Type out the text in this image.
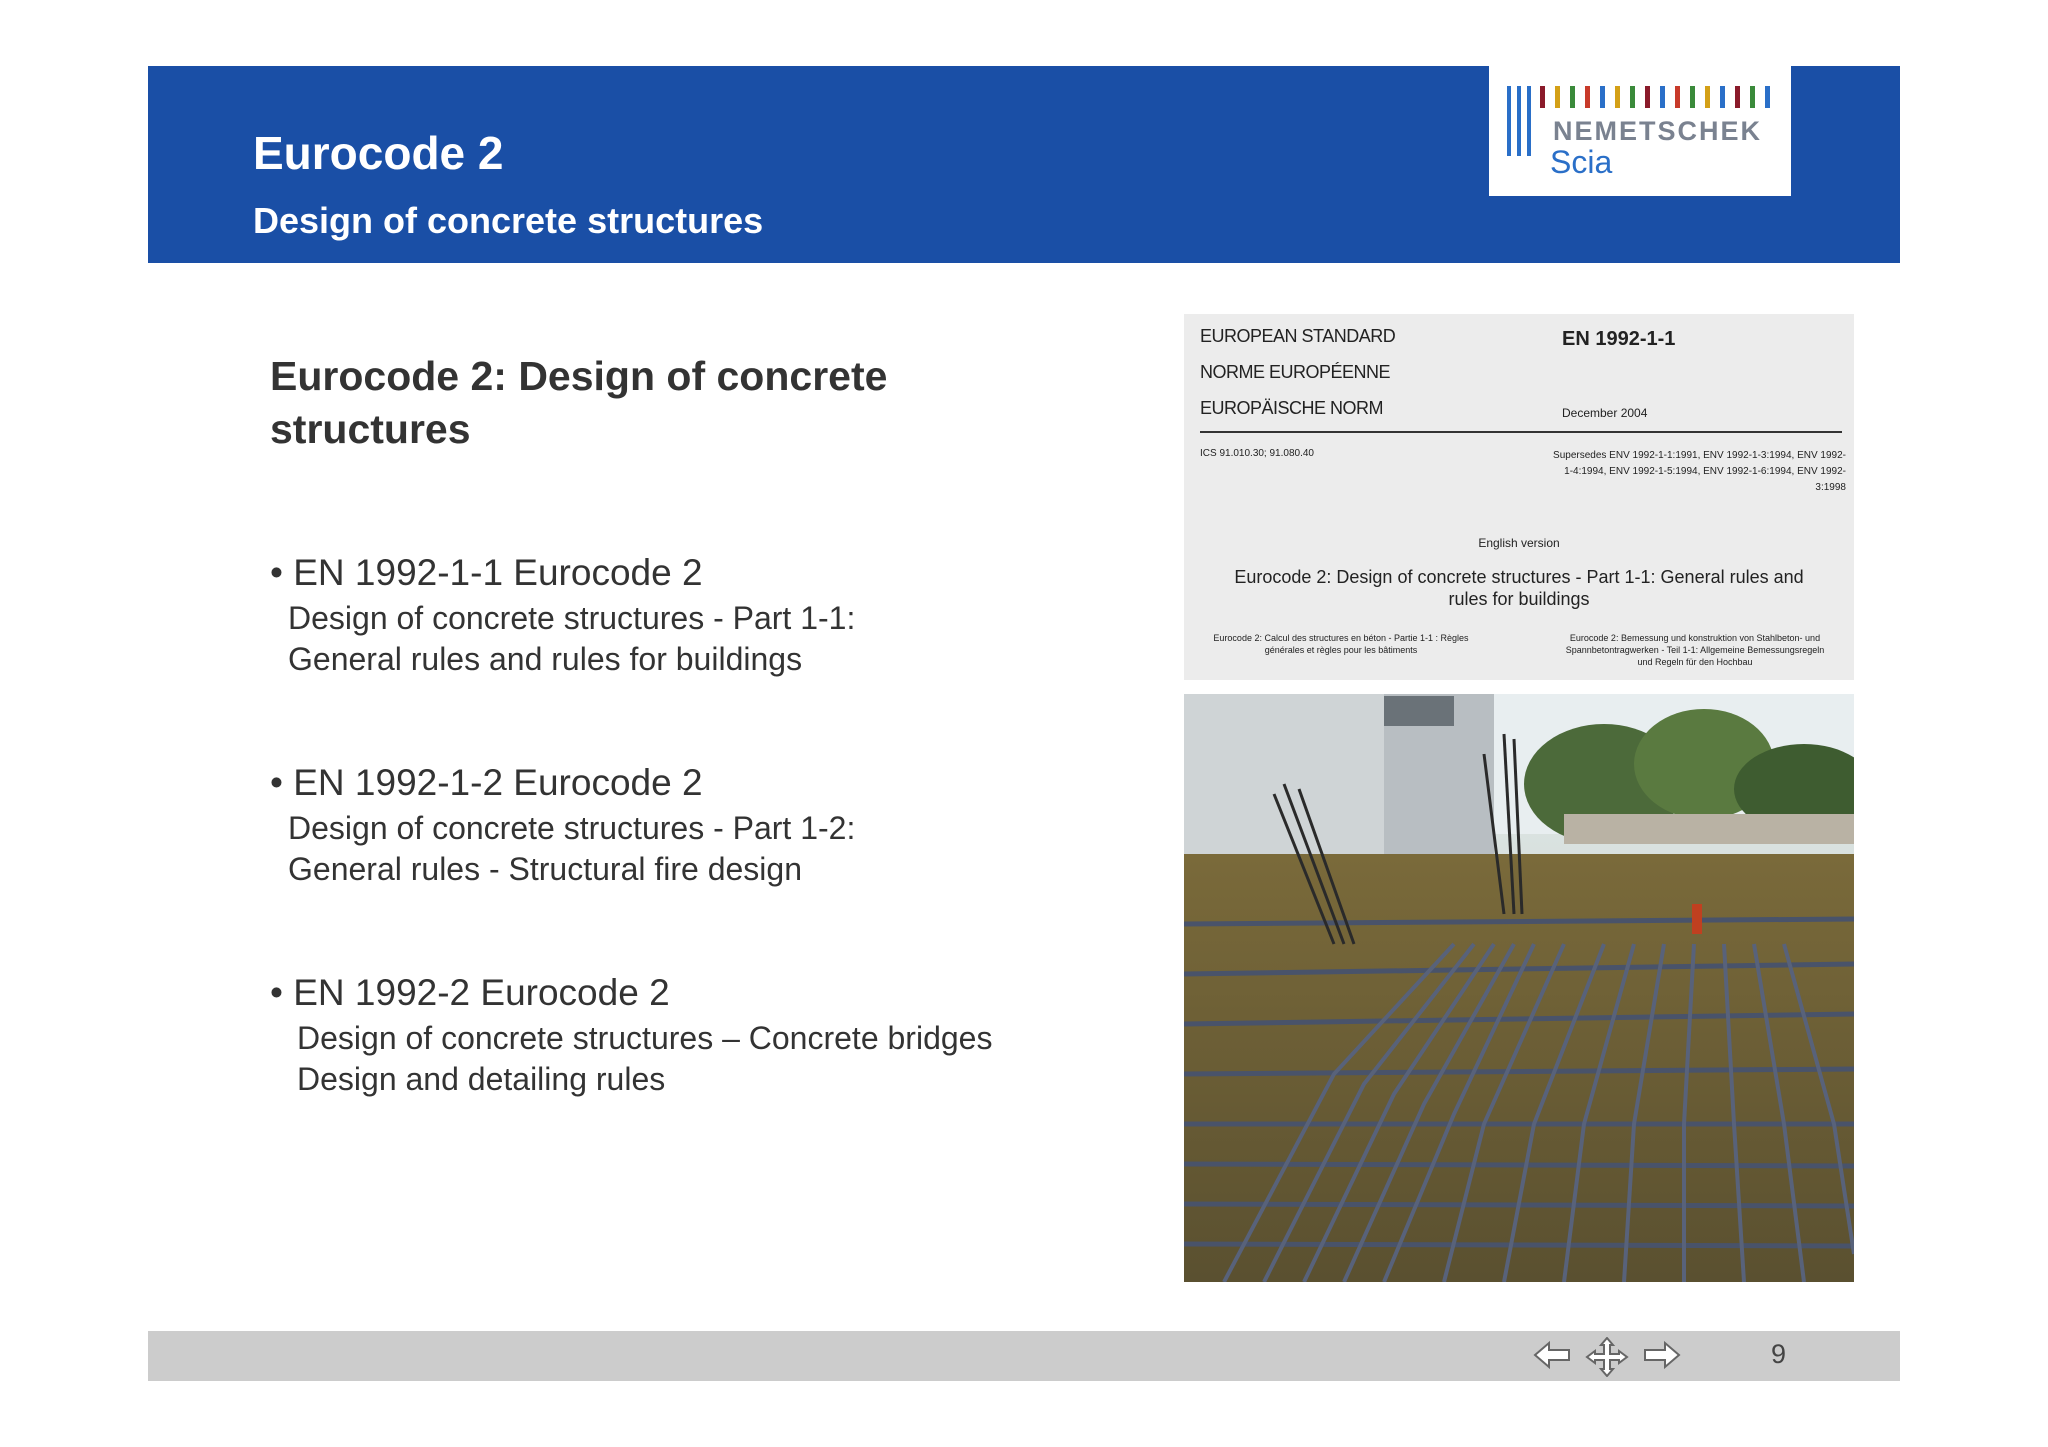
Eurocode 2
Design of concrete structures
NEMETSCHEK
Scia
Eurocode 2: Design of concrete structures
• EN 1992-1-1 Eurocode 2
Design of concrete structures - Part 1-1:
General rules and rules for buildings
• EN 1992-1-2 Eurocode 2
Design of concrete structures - Part 1-2:
General rules - Structural fire design
• EN 1992-2 Eurocode 2
Design of concrete structures – Concrete bridges
Design and detailing rules
EUROPEAN STANDARD
NORME EUROPÉENNE
EUROPÄISCHE NORM
EN 1992-1-1
December 2004
ICS 91.010.30; 91.080.40	Supersedes ENV 1992-1-1:1991, ENV 1992-1-3:1994, ENV 1992-1-4:1994, ENV 1992-1-5:1994, ENV 1992-1-6:1994, ENV 1992-3:1998
English version
Eurocode 2: Design of concrete structures - Part 1-1: General rules and rules for buildings
Eurocode 2: Calcul des structures en béton - Partie 1-1 : Règles générales et règles pour les bâtiments
Eurocode 2: Bemessung und konstruktion von Stahlbeton- und Spannbetontragwerken - Teil 1-1: Allgemeine Bemessungsregeln und Regeln für den Hochbau
9
